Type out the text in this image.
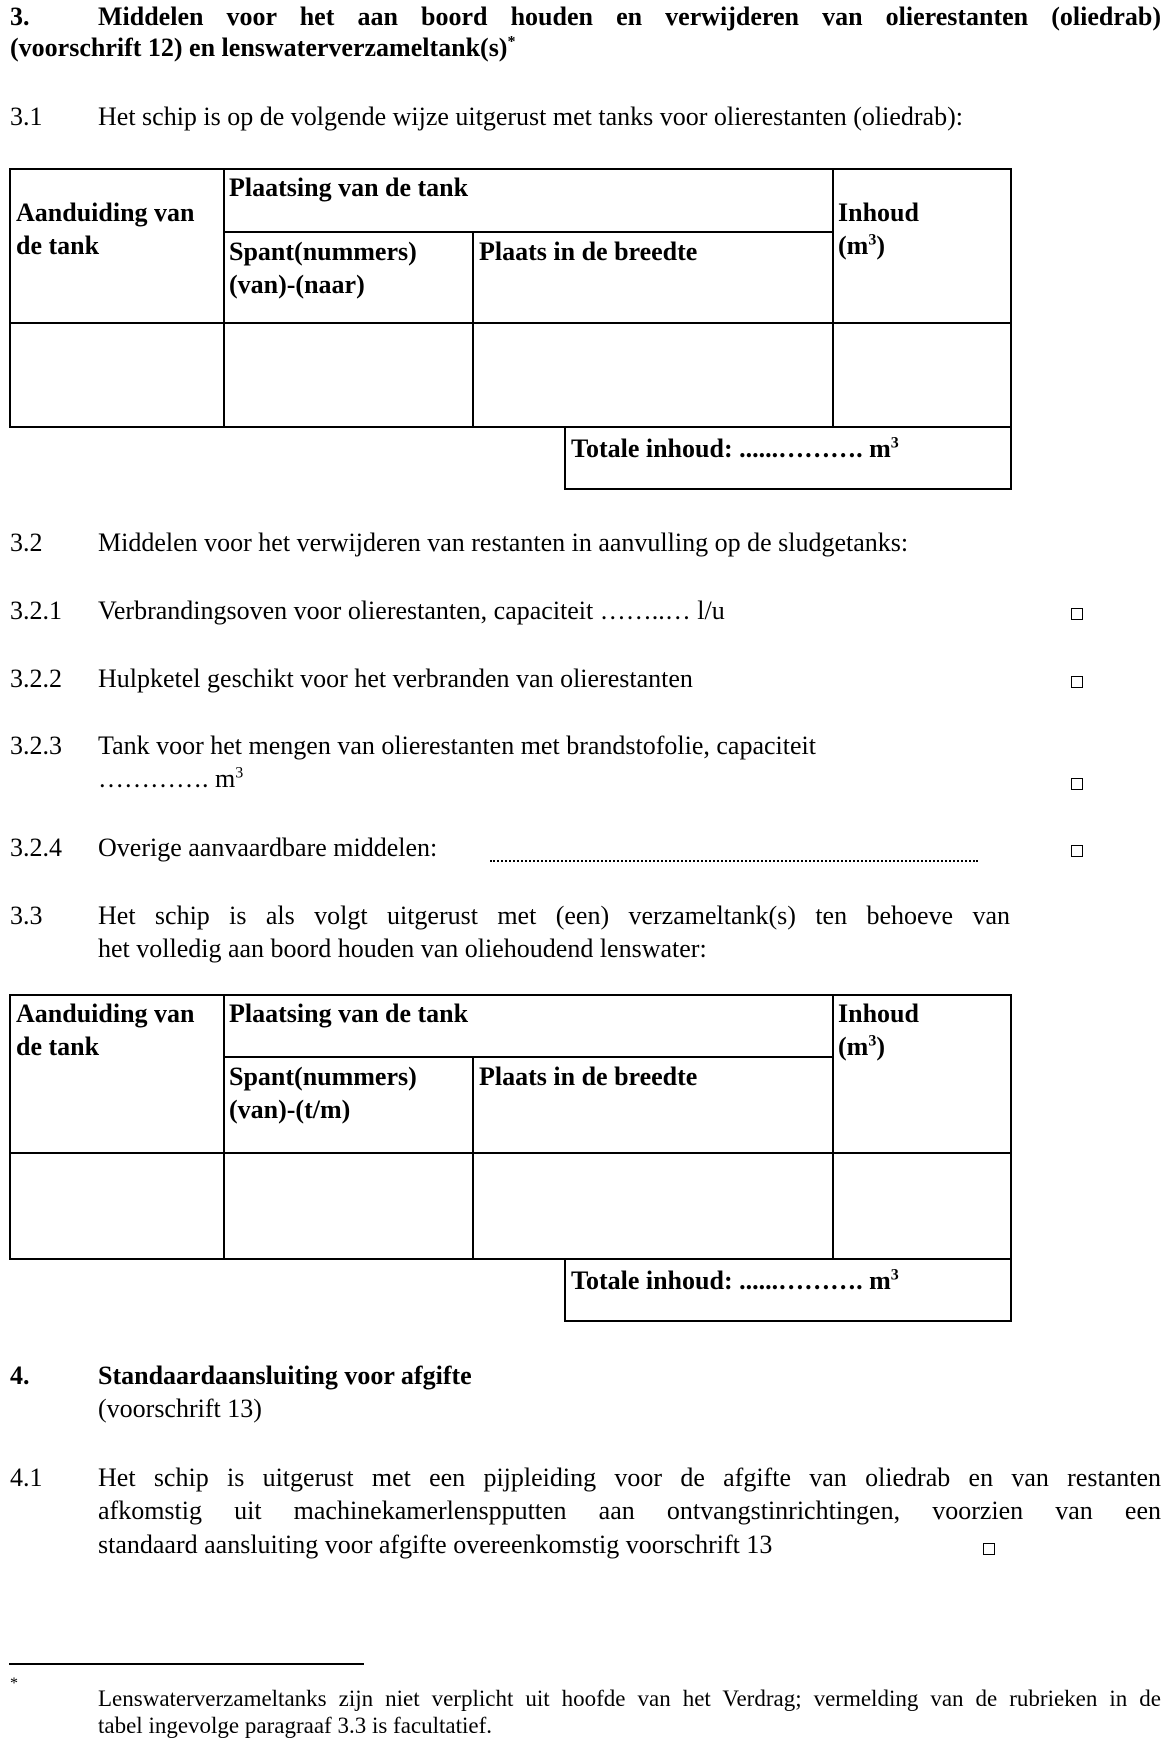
3.	Middelen voor het aan boord houden en verwijderen van olierestanten (oliedrab)
(voorschrift 12) en lenswaterverzameltank(s)*
3.1 Het schip is op de volgende wijze uitgerust met tanks voor olierestanten (oliedrab):
Aanduiding van
de tank
Plaatsing van de tank
Spant(nummers)
(van)-(naar)
Plaats in de breedte
Inhoud
$(m^3)$
Totale inhoud: ......………. $m^3$
3.2 Middelen voor het verwijderen van restanten in aanvulling op de sludgetanks:
3.2.1 Verbrandingsoven voor olierestanten, capaciteit ……..… l/u
3.2.2 Hulpketel geschikt voor het verbranden van olierestanten
3.2.3 Tank voor het mengen van olierestanten met brandstofolie, capaciteit
…………. $m^3$
3.2.4 Overige aanvaardbare middelen:
3.3 Het schip is als volgt uitgerust met (een) verzameltank(s) ten behoeve van
het volledig aan boord houden van oliehoudend lenswater:
Aanduiding van
de tank
Plaatsing van de tank
Spant(nummers)
(van)-(t/m)
Plaats in de breedte
Inhoud
$(m^3)$
Totale inhoud: ......………. $m^3$
4.	Standaardaansluiting voor afgifte
(voorschrift 13)
4.1 Het schip is uitgerust met een pijpleiding voor de afgifte van oliedrab en van restanten
afkomstig uit machinekamerlenspputten aan ontvangstinrichtingen, voorzien van een
standaard aansluiting voor afgifte overeenkomstig voorschrift 13
*
Lenswaterverzameltanks zijn niet verplicht uit hoofde van het Verdrag; vermelding van de rubrieken in de
tabel ingevolge paragraaf 3.3 is facultatief.
